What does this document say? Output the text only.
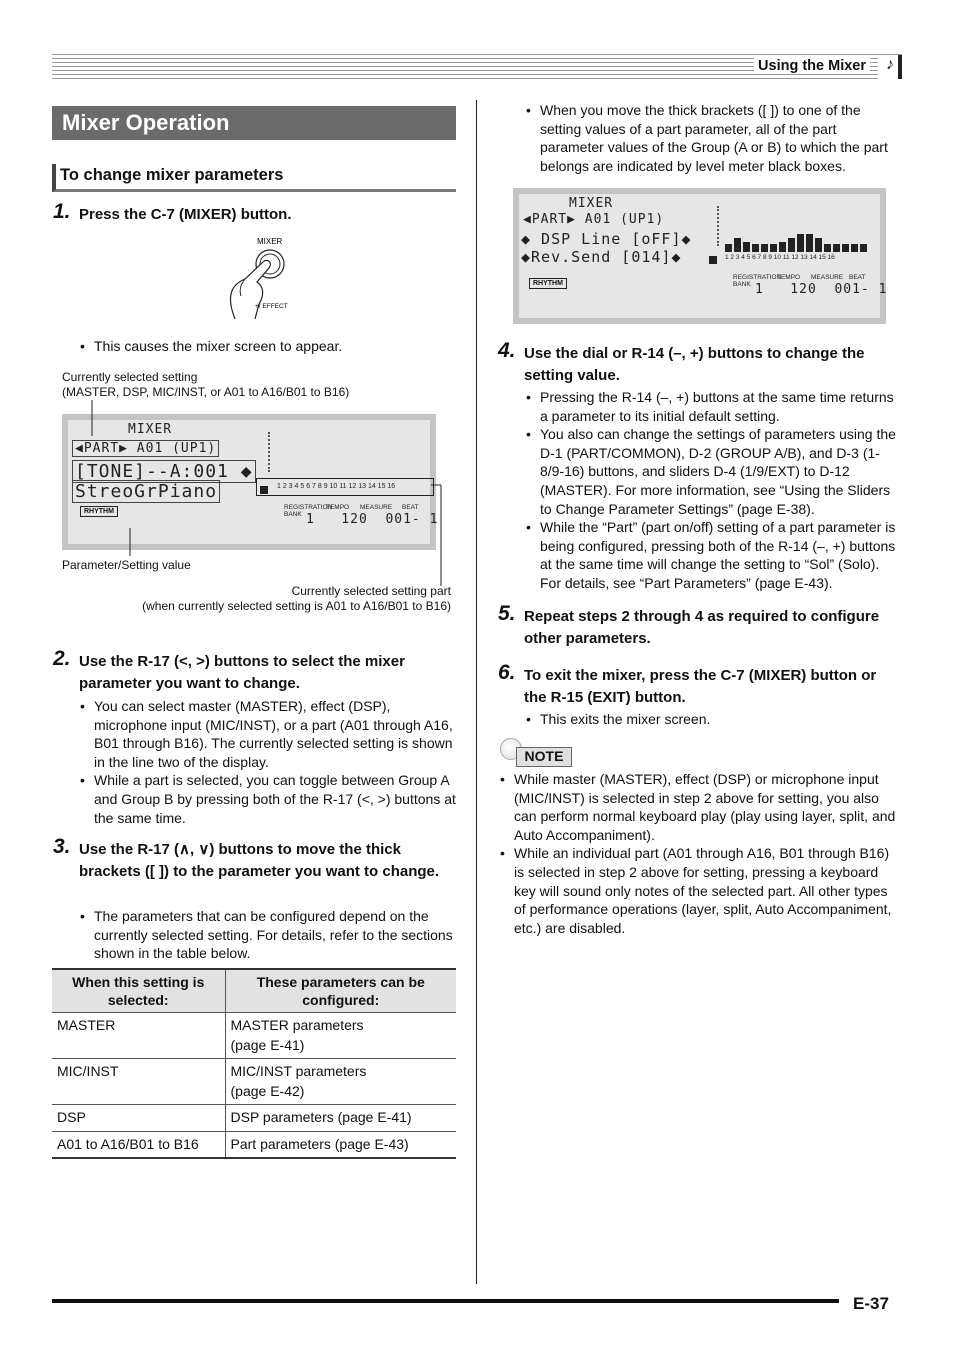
Using the Mixer ♪
Mixer Operation
To change mixer parameters
1. Press the C-7 (MIXER) button.
MIXER
+/ EFFECT
• This causes the mixer screen to appear.
Currently selected setting
(MASTER, DSP, MIC/INST, or A01 to A16/B01 to B16)
MIXER
◀PART▶ A01 (UP1)
[TONE]--A:001 ◆
StreoGrPiano	1 2 3 4 5 6 7 8 9 10 11 12 13 14 15 16
RHYTHM
REGISTRATION BANK
TEMPO MEASURE BEAT
1   120  001- 1
Parameter/Setting value
Currently selected setting part
(when currently selected setting is A01 to A16/B01 to B16)
2. Use the R-17 (<, >) buttons to select the mixer parameter you want to change.
• You can select master (MASTER), effect (DSP), microphone input (MIC/INST), or a part (A01 through A16, B01 through B16). The currently selected setting is shown in the line two of the display.
• While a part is selected, you can toggle between Group A and Group B by pressing both of the R-17 (<, >) buttons at the same time.
3. Use the R-17 (∧, ∨) buttons to move the thick brackets ([ ]) to the parameter you want to change.
• The parameters that can be configured depend on the currently selected setting. For details, refer to the sections shown in the table below.
When this setting is selected:	These parameters can be configured:
MASTER	MASTER parameters (page E-41)
MIC/INST	MIC/INST parameters (page E-42)
DSP	DSP parameters (page E-41)
A01 to A16/B01 to B16	Part parameters (page E-43)
• When you move the thick brackets ([ ]) to one of the setting values of a part parameter, all of the part parameter values of the Group (A or B) to which the part belongs are indicated by level meter black boxes.
MIXER
◀PART▶ A01 (UP1)
◆ DSP Line [oFF]◆
◆Rev.Send [014]◆	1 2 3 4 5 6 7 8 9 10 11 12 13 14 15 16
RHYTHM
REGISTRATION BANK
TEMPO MEASURE BEAT
1   120  001- 1
4. Use the dial or R-14 (–, +) buttons to change the setting value.
• Pressing the R-14 (–, +) buttons at the same time returns a parameter to its initial default setting.
• You also can change the settings of parameters using the D-1 (PART/COMMON), D-2 (GROUP A/B), and D-3 (1-8/9-16) buttons, and sliders D-4 (1/9/EXT) to D-12 (MASTER). For more information, see “Using the Sliders to Change Parameter Settings” (page E-38).
• While the “Part” (part on/off) setting of a part parameter is being configured, pressing both of the R-14 (–, +) buttons at the same time will change the setting to “Sol” (Solo). For details, see “Part Parameters” (page E-43).
5. Repeat steps 2 through 4 as required to configure other parameters.
6. To exit the mixer, press the C-7 (MIXER) button or the R-15 (EXIT) button.
• This exits the mixer screen.
NOTE
• While master (MASTER), effect (DSP) or microphone input (MIC/INST) is selected in step 2 above for setting, you also can perform normal keyboard play (play using layer, split, and Auto Accompaniment).
• While an individual part (A01 through A16, B01 through B16) is selected in step 2 above for setting, pressing a keyboard key will sound only notes of the selected part. All other types of performance operations (layer, split, Auto Accompaniment, etc.) are disabled.
E-37
